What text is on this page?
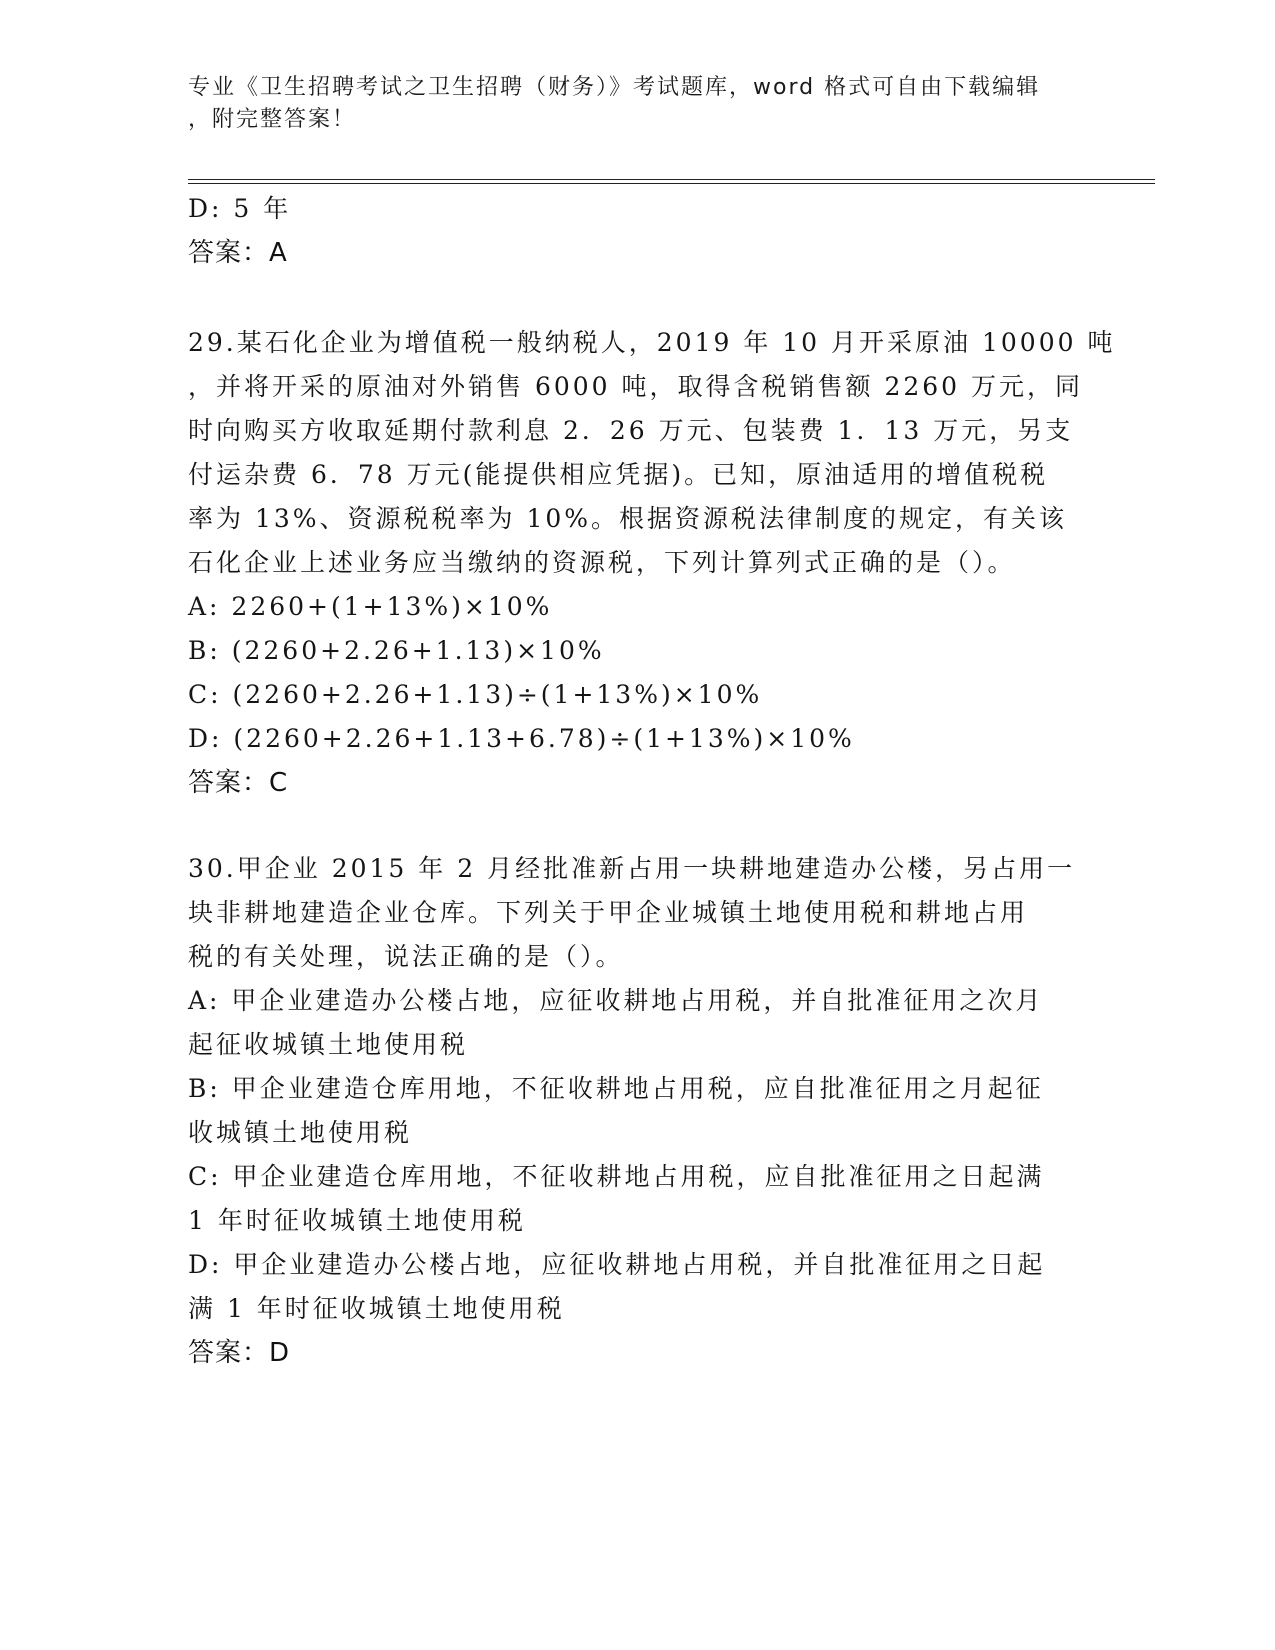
专业《卫生招聘考试之卫生招聘（财务）》考试题库，word 格式可自由下载编辑
，附完整答案！
D: 5 年
答案：A
29.某石化企业为增值税一般纳税人，2019 年 10 月开采原油 10000 吨
，并将开采的原油对外销售 6000 吨，取得含税销售额 2260 万元，同
时向购买方收取延期付款利息 2．26 万元、包装费 1．13 万元，另支
付运杂费 6．78 万元(能提供相应凭据)。已知，原油适用的增值税税
率为 13%、资源税税率为 10%。根据资源税法律制度的规定，有关该
石化企业上述业务应当缴纳的资源税，下列计算列式正确的是（）。
A: 2260+(1+13%)×10%
B: (2260+2.26+1.13)×10%
C: (2260+2.26+1.13)÷(1+13%)×10%
D: (2260+2.26+1.13+6.78)÷(1+13%)×10%
答案：C
30.甲企业 2015 年 2 月经批准新占用一块耕地建造办公楼，另占用一
块非耕地建造企业仓库。下列关于甲企业城镇土地使用税和耕地占用
税的有关处理，说法正确的是（）。
A: 甲企业建造办公楼占地，应征收耕地占用税，并自批准征用之次月
起征收城镇土地使用税
B: 甲企业建造仓库用地，不征收耕地占用税，应自批准征用之月起征
收城镇土地使用税
C: 甲企业建造仓库用地，不征收耕地占用税，应自批准征用之日起满
1 年时征收城镇土地使用税
D: 甲企业建造办公楼占地，应征收耕地占用税，并自批准征用之日起
满 1 年时征收城镇土地使用税
答案：D
